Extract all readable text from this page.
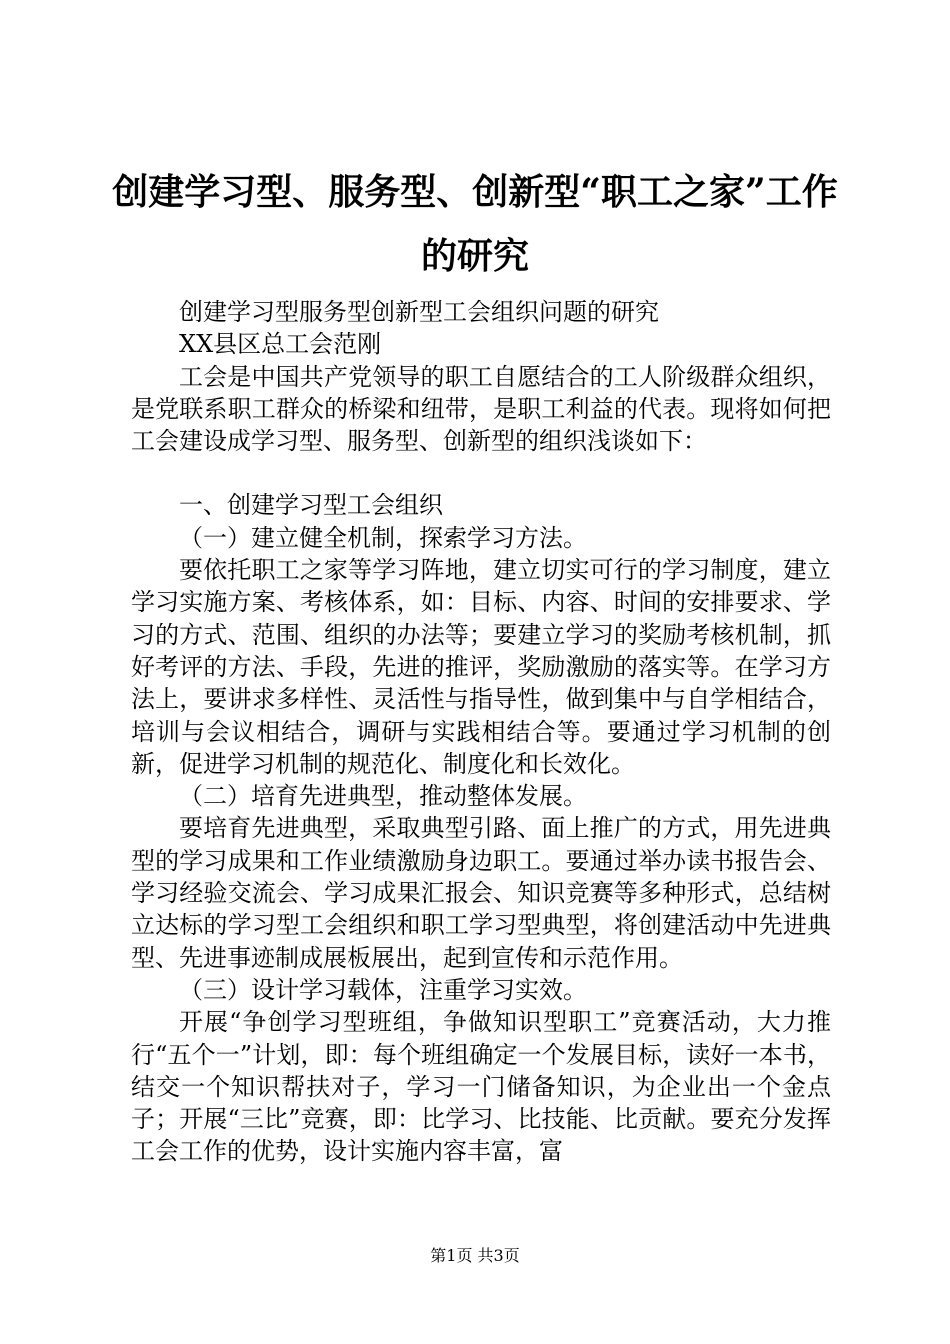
创建学习型、服务型、创新型“职工之家”工作的研究

创建学习型服务型创新型工会组织问题的研究

XX县区总工会范刚

工会是中国共产党领导的职工自愿结合的工人阶级群众组织，是党联系职工群众的桥梁和纽带，是职工利益的代表。现将如何把工会建设成学习型、服务型、创新型的组织浅谈如下：

一、创建学习型工会组织

（一）建立健全机制，探索学习方法。

要依托职工之家等学习阵地，建立切实可行的学习制度，建立学习实施方案、考核体系，如：目标、内容、时间的安排要求、学习的方式、范围、组织的办法等；要建立学习的奖励考核机制，抓好考评的方法、手段，先进的推评，奖励激励的落实等。在学习方法上，要讲求多样性、灵活性与指导性，做到集中与自学相结合，培训与会议相结合，调研与实践相结合等。要通过学习机制的创新，促进学习机制的规范化、制度化和长效化。

（二）培育先进典型，推动整体发展。

要培育先进典型，采取典型引路、面上推广的方式，用先进典型的学习成果和工作业绩激励身边职工。要通过举办读书报告会、学习经验交流会、学习成果汇报会、知识竞赛等多种形式，总结树立达标的学习型工会组织和职工学习型典型，将创建活动中先进典型、先进事迹制成展板展出，起到宣传和示范作用。

（三）设计学习载体，注重学习实效。

开展“争创学习型班组，争做知识型职工”竞赛活动，大力推行“五个一”计划，即：每个班组确定一个发展目标，读好一本书，结交一个知识帮扶对子，学习一门储备知识，为企业出一个金点子；开展“三比”竞赛，即：比学习、比技能、比贡献。要充分发挥工会工作的优势，设计实施内容丰富，富

第1页 共3页
